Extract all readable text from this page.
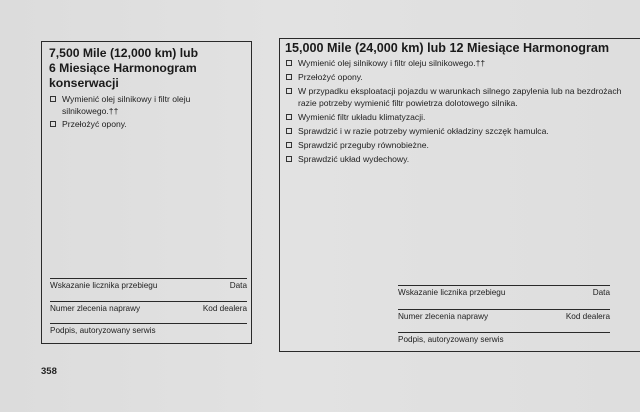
7,500 Mile (12,000 km) lub
6 Miesiące Harmonogram
konserwacji
Wymienić olej silnikowy i filtr oleju
silnikowego.††
Przełożyć opony.
Wskazanie licznika przebiegu	Data
Numer zlecenia naprawy	Kod dealera
Podpis, autoryzowany serwis
15,000 Mile (24,000 km) lub 12 Miesiące Harmonogram
Wymienić olej silnikowy i filtr oleju silnikowego.††
Przełożyć opony.
W przypadku eksploatacji pojazdu w warunkach silnego zapylenia lub na bezdrożach
razie potrzeby wymienić filtr powietrza dolotowego silnika.
Wymienić filtr układu klimatyzacji.
Sprawdzić i w razie potrzeby wymienić okładziny szczęk hamulca.
Sprawdzić przeguby równobieżne.
Sprawdzić układ wydechowy.
Wskazanie licznika przebiegu	Data
Numer zlecenia naprawy	Kod dealera
Podpis, autoryzowany serwis
358
